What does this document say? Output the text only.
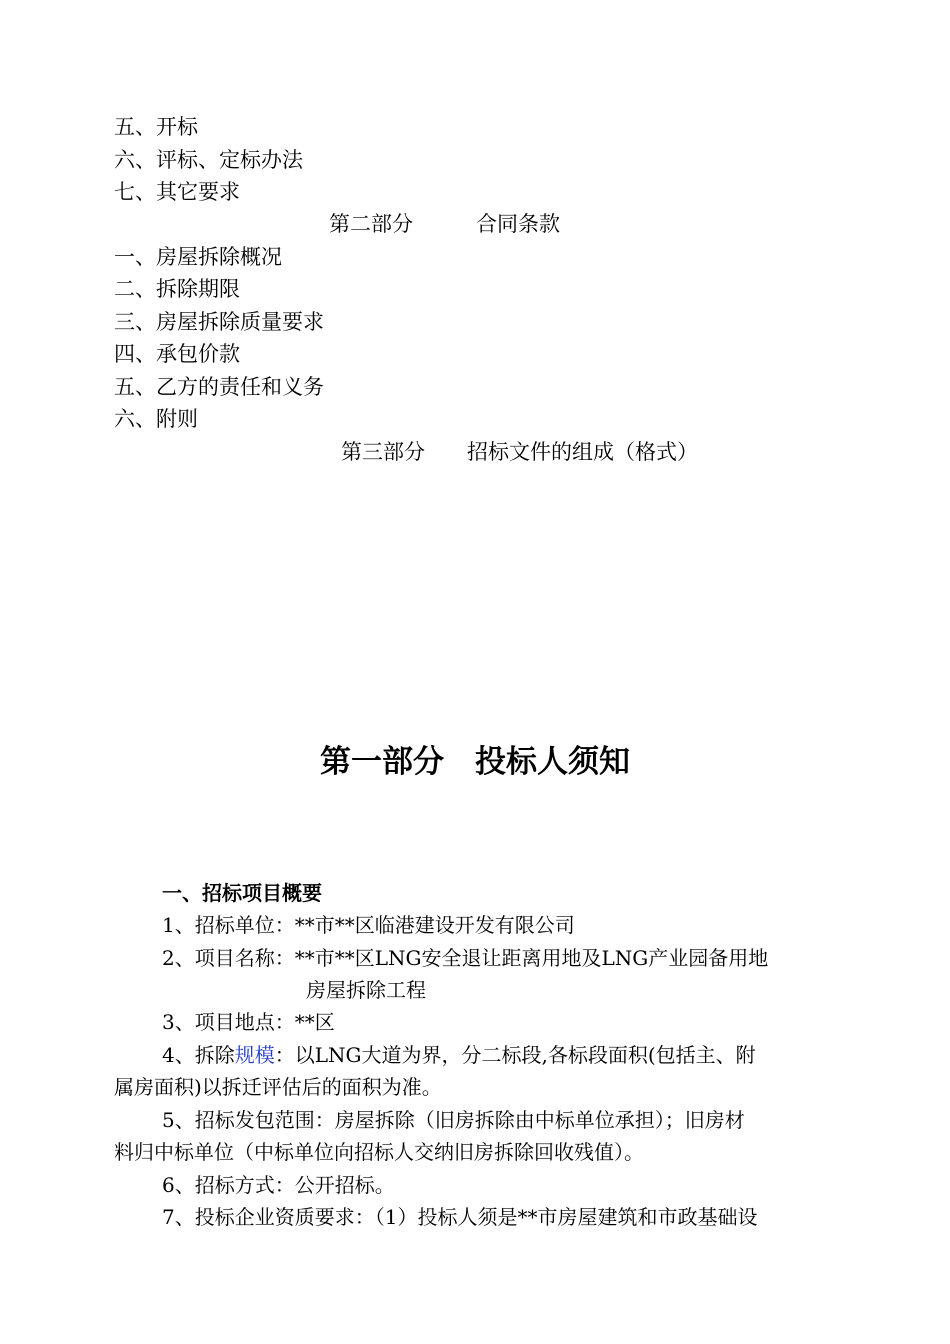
五、开标
六、评标、定标办法
七、其它要求
第二部分　　　合同条款
一、房屋拆除概况
二、拆除期限
三、房屋拆除质量要求
四、承包价款
五、乙方的责任和义务
六、附则
第三部分　　招标文件的组成（格式）
第一部分　投标人须知
一、招标项目概要
1、招标单位：**市**区临港建设开发有限公司
2、项目名称：**市**区LNG安全退让距离用地及LNG产业园备用地
房屋拆除工程
3、项目地点：**区
4、拆除规模：以LNG大道为界，分二标段,各标段面积(包括主、附
属房面积)以拆迁评估后的面积为准。
5、招标发包范围：房屋拆除（旧房拆除由中标单位承担）；旧房材
料归中标单位（中标单位向招标人交纳旧房拆除回收残值）。
6、招标方式：公开招标。
7、投标企业资质要求：（1）投标人须是**市房屋建筑和市政基础设
